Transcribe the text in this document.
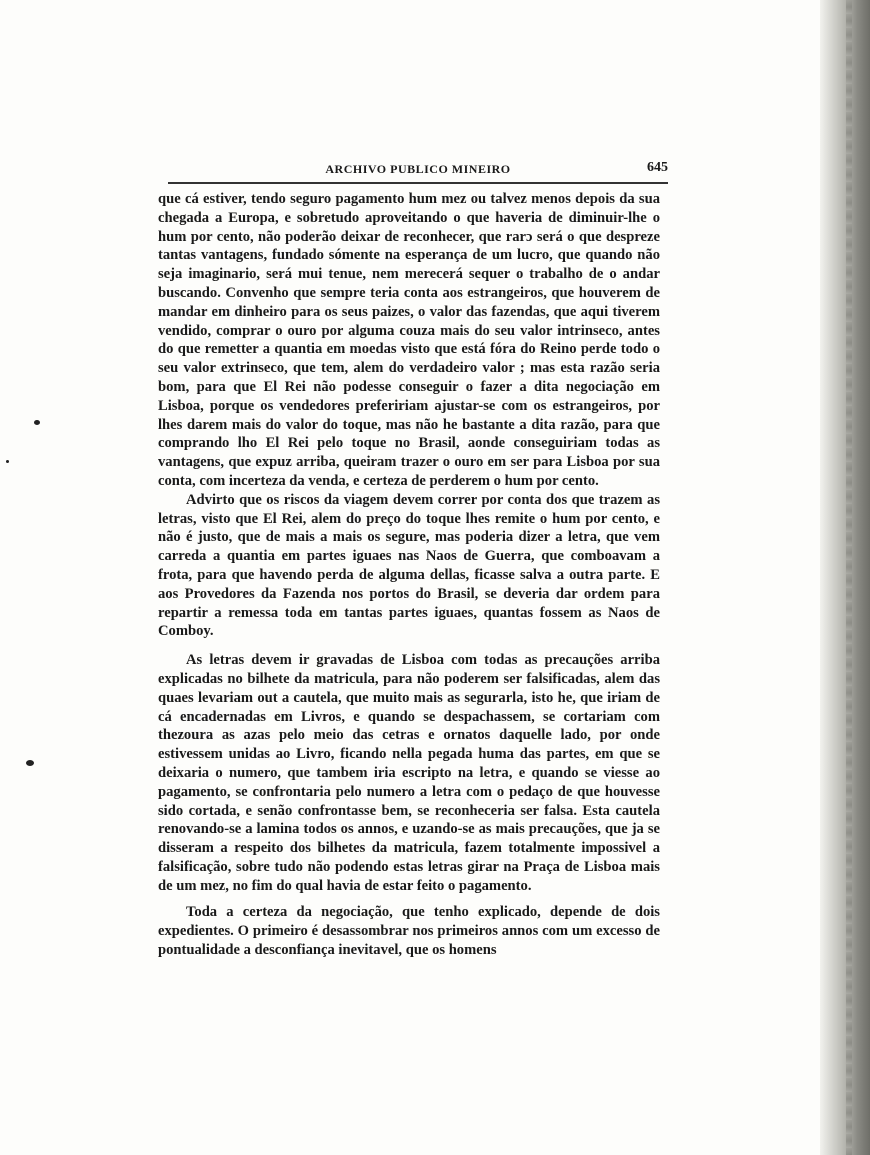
ARCHIVO PUBLICO MINEIRO	645

que cá estiver, tendo seguro pagamento hum mez ou talvez menos depois da sua chegada a Europa, e sobretudo aproveitando o que haveria de diminuir-lhe o hum por cento, não poderão deixar de reconhecer, que rarɔ será o que despreze tantas vantagens, fundado sómente na esperança de um lucro, que quando não seja imaginario, será mui tenue, nem merecerá sequer o trabalho de o andar buscando. Convenho que sempre teria conta aos estrangeiros, que houverem de mandar em dinheiro para os seus paizes, o valor das fazendas, que aqui tiverem vendido, comprar o ouro por alguma couza mais do seu valor intrinseco, antes do que remetter a quantia em moedas visto que está fóra do Reino perde todo o seu valor extrinseco, que tem, alem do verdadeiro valor ; mas esta razão seria bom, para que El Rei não podesse conseguir o fazer a dita negociação em Lisboa, porque os vendedores prefeririam ajustar-se com os estrangeiros, por lhes darem mais do valor do toque, mas não he bastante a dita razão, para que comprando lho El Rei pelo toque no Brasil, aonde conseguiriam todas as vantagens, que expuz arriba, queiram trazer o ouro em ser para Lisboa por sua conta, com incerteza da venda, e certeza de perderem o hum por cento.

Advirto que os riscos da viagem devem correr por conta dos que trazem as letras, visto que El Rei, alem do preço do toque lhes remite o hum por cento, e não é justo, que de mais a mais os segure, mas poderia dizer a letra, que vem carreda a quantia em partes iguaes nas Naos de Guerra, que comboavam a frota, para que havendo perda de alguma dellas, ficasse salva a outra parte. E aos Provedores da Fazenda nos portos do Brasil, se deveria dar ordem para repartir a remessa toda em tantas partes iguaes, quantas fossem as Naos de Comboy.

As letras devem ir gravadas de Lisboa com todas as precauções arriba explicadas no bilhete da matricula, para não poderem ser falsificadas, alem das quaes levariam out a cautela, que muito mais as segurarla, isto he, que iriam de cá encadernadas em Livros, e quando se despachassem, se cortariam com thezoura as azas pelo meio das cetras e ornatos daquelle lado, por onde estivessem unidas ao Livro, ficando nella pegada huma das partes, em que se deixaria o numero, que tambem iria escripto na letra, e quando se viesse ao pagamento, se confrontaria pelo numero a letra com o pedaço de que houvesse sido cortada, e senão confrontasse bem, se reconheceria ser falsa. Esta cautela renovando-se a lamina todos os annos, e uzando-se as mais precauções, que ja se disseram a respeito dos bilhetes da matricula, fazem totalmente impossivel a falsificação, sobre tudo não podendo estas letras girar na Praça de Lisboa mais de um mez, no fim do qual havia de estar feito o pagamento.

Toda a certeza da negociação, que tenho explicado, depende de dois expedientes. O primeiro é desassombrar nos primeiros annos com um excesso de pontualidade a desconfiança inevitavel, que os homens
